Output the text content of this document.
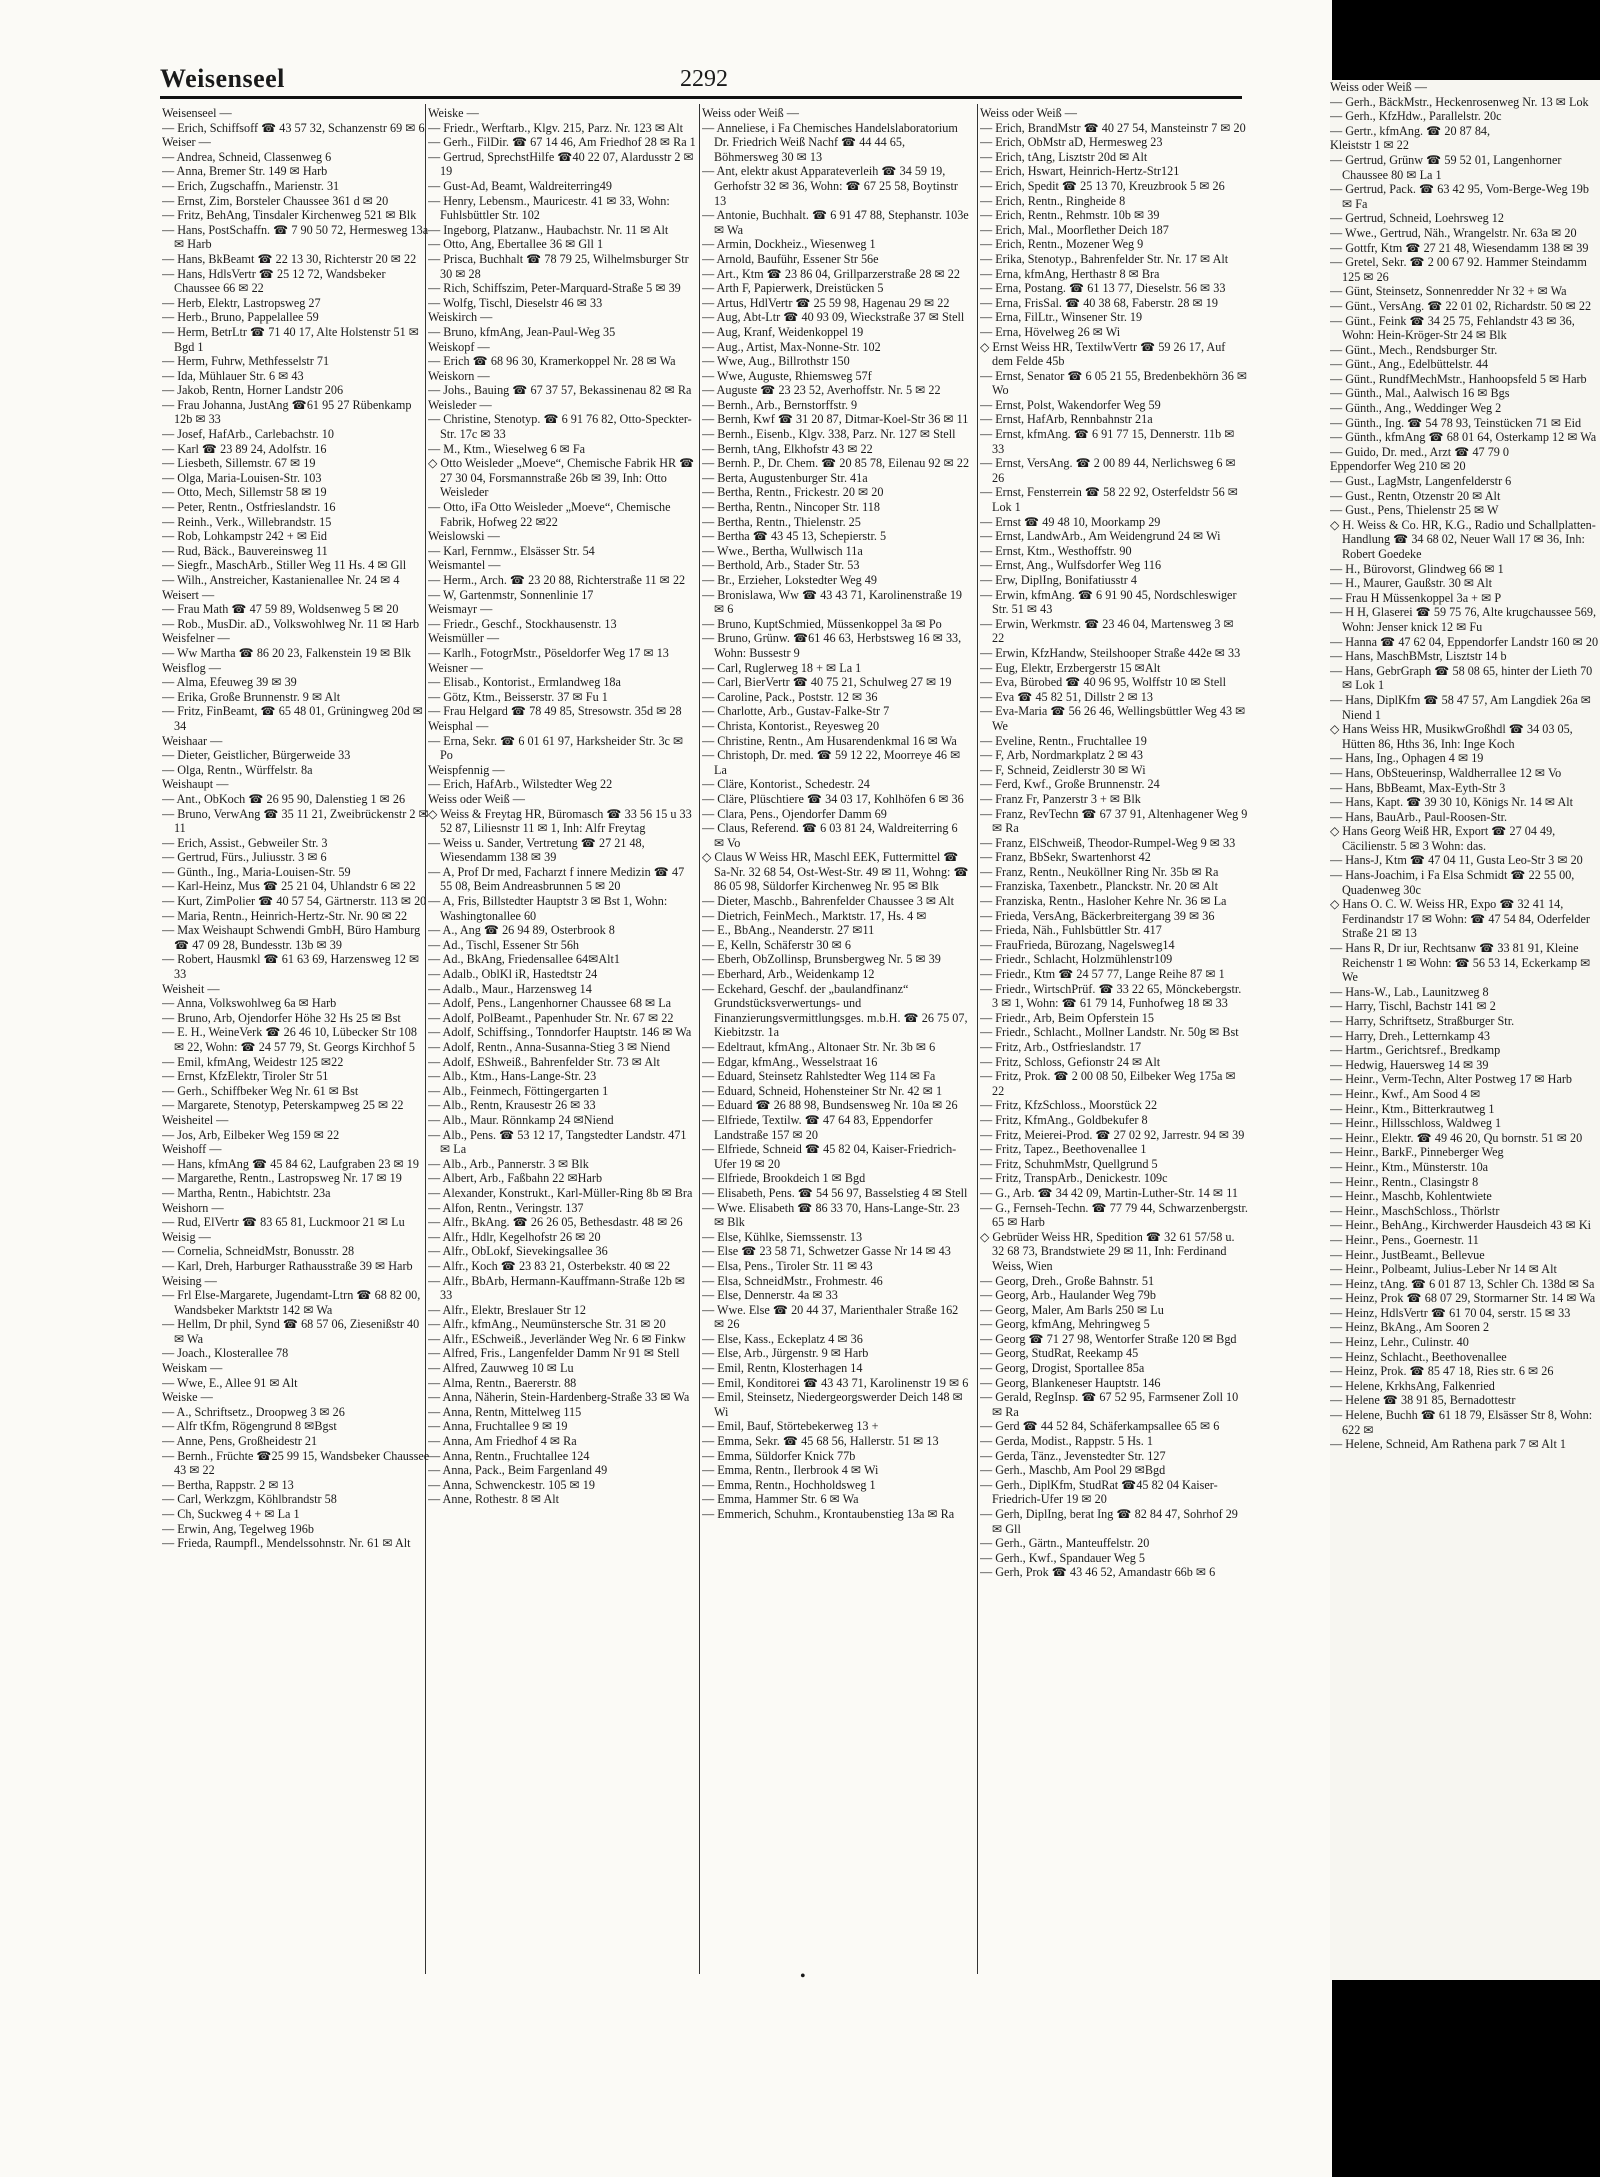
Weisenseel	2292

Weisenseel —

— Erich, Schiffsoff ☎ 43 57 32, Schanzenstr 69 ✉ 6

Weiser —

— Andrea, Schneid, Classenweg 6

— Anna, Bremer Str. 149 ✉ Harb

— Erich, Zugschaffn., Marienstr. 31

— Ernst, Zim, Borsteler Chaussee 361 d ✉ 20

— Fritz, BehAng, Tinsdaler Kirchenweg 521 ✉ Blk

— Hans, PostSchaffn. ☎ 7 90 50 72, Hermesweg 13a ✉ Harb

— Hans, BkBeamt ☎ 22 13 30, Richterstr 20 ✉ 22

— Hans, HdlsVertr ☎ 25 12 72, Wandsbeker Chaussee 66 ✉ 22

— Herb, Elektr, Lastropsweg 27

— Herb., Bruno, Pappelallee 59

— Herm, BetrLtr ☎ 71 40 17, Alte Holstenstr 51 ✉ Bgd 1

— Herm, Fuhrw, Methfesselstr 71

— Ida, Mühlauer Str. 6 ✉ 43

— Jakob, Rentn, Horner Landstr 206

— Frau Johanna, JustAng ☎61 95 27 Rübenkamp 12b ✉ 33

— Josef, HafArb., Carlebachstr. 10

— Karl ☎ 23 89 24, Adolfstr. 16

— Liesbeth, Sillemstr. 67 ✉ 19

— Olga, Maria-Louisen-Str. 103

— Otto, Mech, Sillemstr 58 ✉ 19

— Peter, Rentn., Ostfrieslandstr. 16

— Reinh., Verk., Willebrandstr. 15

— Rob, Lohkampstr 242 + ✉ Eid

— Rud, Bäck., Bauvereinsweg 11

— Siegfr., MaschArb., Stiller Weg 11 Hs. 4 ✉ Gll

— Wilh., Anstreicher, Kastanienallee Nr. 24 ✉ 4

Weisert —

— Frau Math ☎ 47 59 89, Woldsenweg 5 ✉ 20

— Rob., MusDir. aD., Volkswohlweg Nr. 11 ✉ Harb

Weisfelner —

— Ww Martha ☎ 86 20 23, Falkenstein 19 ✉ Blk

Weisflog —

— Alma, Efeuweg 39 ✉ 39

— Erika, Große Brunnenstr. 9 ✉ Alt

— Fritz, FinBeamt, ☎ 65 48 01, Grüningweg 20d ✉ 34

Weishaar —

— Dieter, Geistlicher, Bürgerweide 33

— Olga, Rentn., Würffelstr. 8a

Weishaupt —

— Ant., ObKoch ☎ 26 95 90, Dalenstieg 1 ✉ 26

— Bruno, VerwAng ☎ 35 11 21, Zweibrückenstr 2 ✉ 11

— Erich, Assist., Gebweiler Str. 3

— Gertrud, Fürs., Juliusstr. 3 ✉ 6

— Günth., Ing., Maria-Louisen-Str. 59

— Karl-Heinz, Mus ☎ 25 21 04, Uhlandstr 6 ✉ 22

— Kurt, ZimPolier ☎ 40 57 54, Gärtnerstr. 113 ✉ 20

— Maria, Rentn., Heinrich-Hertz-Str. Nr. 90 ✉ 22

— Max Weishaupt Schwendi GmbH, Büro Hamburg ☎ 47 09 28, Bundesstr. 13b ✉ 39

— Robert, Hausmkl ☎ 61 63 69, Harzensweg 12 ✉ 33

Weisheit —

— Anna, Volkswohlweg 6a ✉ Harb

— Bruno, Arb, Ojendorfer Höhe 32 Hs 25 ✉ Bst

— E. H., WeineVerk ☎ 26 46 10, Lübecker Str 108 ✉ 22, Wohn: ☎ 24 57 79, St. Georgs Kirchhof 5

— Emil, kfmAng, Weidestr 125 ✉22

— Ernst, KfzElektr, Tiroler Str 51

— Gerh., Schiffbeker Weg Nr. 61 ✉ Bst

— Margarete, Stenotyp, Peterskampweg 25 ✉ 22

Weisheitel —

— Jos, Arb, Eilbeker Weg 159 ✉ 22

Weishoff —

— Hans, kfmAng ☎ 45 84 62, Laufgraben 23 ✉ 19

— Margarethe, Rentn., Lastropsweg Nr. 17 ✉ 19

— Martha, Rentn., Habichtstr. 23a

Weishorn —

— Rud, ElVertr ☎ 83 65 81, Luckmoor 21 ✉ Lu

Weisig —

— Cornelia, SchneidMstr, Bonusstr. 28

— Karl, Dreh, Harburger Rathausstraße 39 ✉ Harb

Weising —

— Frl Else-Margarete, Jugendamt-Ltrn ☎ 68 82 00, Wandsbeker Marktstr 142 ✉ Wa

— Hellm, Dr phil, Synd ☎ 68 57 06, Ziesenißstr 40 ✉ Wa

— Joach., Klosterallee 78

Weiskam —

— Wwe, E., Allee 91 ✉ Alt

Weiske —

— A., Schriftsetz., Droopweg 3 ✉ 26

— Alfr tKfm, Rögengrund 8 ✉Bgst

— Anne, Pens, Großheidestr 21

— Bernh., Früchte ☎25 99 15, Wandsbeker Chaussee 43 ✉ 22

— Bertha, Rappstr. 2 ✉ 13

— Carl, Werkzgm, Köhlbrandstr 58

— Ch, Suckweg 4 + ✉ La 1

— Erwin, Ang, Tegelweg 196b

— Frieda, Raumpfl., Mendelssohnstr. Nr. 61 ✉ Alt

Weiske —

— Friedr., Werftarb., Klgv. 215, Parz. Nr. 123 ✉ Alt

— Gerh., FilDir. ☎ 67 14 46, Am Friedhof 28 ✉ Ra 1

— Gertrud, SprechstHilfe ☎40 22 07, Alardusstr 2 ✉ 19

— Gust-Ad, Beamt, Waldreiterring49

— Henry, Lebensm., Mauricestr. 41 ✉ 33, Wohn: Fuhlsbüttler Str. 102

— Ingeborg, Platzanw., Haubachstr. Nr. 11 ✉ Alt

— Otto, Ang, Ebertallee 36 ✉ Gll 1

— Prisca, Buchhalt ☎ 78 79 25, Wilhelmsburger Str 30 ✉ 28

— Rich, Schiffszim, Peter-Marquard-Straße 5 ✉ 39

— Wolfg, Tischl, Dieselstr 46 ✉ 33

Weiskirch —

— Bruno, kfmAng, Jean-Paul-Weg 35

Weiskopf —

— Erich ☎ 68 96 30, Kramerkoppel Nr. 28 ✉ Wa

Weiskorn —

— Johs., Bauing ☎ 67 37 57, Bekassinenau 82 ✉ Ra

Weisleder —

— Christine, Stenotyp. ☎ 6 91 76 82, Otto-Speckter-Str. 17c ✉ 33

— M., Ktm., Wieselweg 6 ✉ Fa

◇ Otto Weisleder „Moeve“, Chemische Fabrik HR ☎ 27 30 04, Forsmannstraße 26b ✉ 39, Inh: Otto Weisleder

— Otto, iFa Otto Weisleder „Moeve“, Chemische Fabrik, Hofweg 22 ✉22

Weislowski —

— Karl, Fernmw., Elsässer Str. 54

Weismantel —

— Herm., Arch. ☎ 23 20 88, Richterstraße 11 ✉ 22

— W, Gartenmstr, Sonnenlinie 17

Weismayr —

— Friedr., Geschf., Stockhausenstr. 13

Weismüller —

— Karlh., FotogrMstr., Pöseldorfer Weg 17 ✉ 13

Weisner —

— Elisab., Kontorist., Ermlandweg 18a

— Götz, Ktm., Beisserstr. 37 ✉ Fu 1

— Frau Helgard ☎ 78 49 85, Stresowstr. 35d ✉ 28

Weisphal —

— Erna, Sekr. ☎ 6 01 61 97, Harksheider Str. 3c ✉ Po

Weispfennig —

— Erich, HafArb., Wilstedter Weg 22

Weiss oder Weiß —

◇ Weiss & Freytag HR, Büromasch ☎ 33 56 15 u 33 52 87, Liliesnstr 11 ✉ 1, Inh: Alfr Freytag

— Weiss u. Sander, Vertretung ☎ 27 21 48, Wiesendamm 138 ✉ 39

— A, Prof Dr med, Facharzt f innere Medizin ☎ 47 55 08, Beim Andreasbrunnen 5 ✉ 20

— A, Fris, Billstedter Hauptstr 3 ✉ Bst 1, Wohn: Washingtonallee 60

— A., Ang ☎ 26 94 89, Osterbrook 8

— Ad., Tischl, Essener Str 56h

— Ad., BkAng, Friedensallee 64✉Alt1

— Adalb., OblKl iR, Hastedtstr 24

— Adalb., Maur., Harzensweg 14

— Adolf, Pens., Langenhorner Chaussee 68 ✉ La

— Adolf, PolBeamt., Papenhuder Str. Nr. 67 ✉ 22

— Adolf, Schiffsing., Tonndorfer Hauptstr. 146 ✉ Wa

— Adolf, Rentn., Anna-Susanna-Stieg 3 ✉ Niend

— Adolf, EShweiß., Bahrenfelder Str. 73 ✉ Alt

— Alb., Ktm., Hans-Lange-Str. 23

— Alb., Feinmech, Föttingergarten 1

— Alb., Rentn, Krausestr 26 ✉ 33

— Alb., Maur. Rönnkamp 24 ✉Niend

— Alb., Pens. ☎ 53 12 17, Tangstedter Landstr. 471 ✉ La

— Alb., Arb., Pannerstr. 3 ✉ Blk

— Albert, Arb., Faßbahn 22 ✉Harb

— Alexander, Konstrukt., Karl-Müller-Ring 8b ✉ Bra

— Alfon, Rentn., Veringstr. 137

— Alfr., BkAng. ☎ 26 26 05, Bethesdastr. 48 ✉ 26

— Alfr., Hdlr, Kegelhofstr 26 ✉ 20

— Alfr., ObLokf, Sievekingsallee 36

— Alfr., Koch ☎ 23 83 21, Osterbekstr. 40 ✉ 22

— Alfr., BbArb, Hermann-Kauffmann-Straße 12b ✉ 33

— Alfr., Elektr, Breslauer Str 12

— Alfr., kfmAng., Neumünstersche Str. 31 ✉ 20

— Alfr., ESchweiß., Jeverländer Weg Nr. 6 ✉ Finkw

— Alfred, Fris., Langenfelder Damm Nr 91 ✉ Stell

— Alfred, Zauwweg 10 ✉ Lu

— Alma, Rentn., Baererstr. 88

— Anna, Näherin, Stein-Hardenberg-Straße 33 ✉ Wa

— Anna, Rentn, Mittelweg 115

— Anna, Fruchtallee 9 ✉ 19

— Anna, Am Friedhof 4 ✉ Ra

— Anna, Rentn., Fruchtallee 124

— Anna, Pack., Beim Fargenland 49

— Anna, Schwenckestr. 105 ✉ 19

— Anne, Rothestr. 8 ✉ Alt

Weiss oder Weiß —

— Anneliese, i Fa Chemisches Handelslaboratorium Dr. Friedrich Weiß Nachf ☎ 44 44 65, Böhmersweg 30 ✉ 13

— Ant, elektr akust Apparateverleih ☎ 34 59 19, Gerhofstr 32 ✉ 36, Wohn: ☎ 67 25 58, Boytinstr 13

— Antonie, Buchhalt. ☎ 6 91 47 88, Stephanstr. 103e ✉ Wa

— Armin, Dockheiz., Wiesenweg 1

— Arnold, Bauführ, Essener Str 56e

— Art., Ktm ☎ 23 86 04, Grillparzerstraße 28 ✉ 22

— Arth F, Papierwerk, Dreistücken 5

— Artus, HdlVertr ☎ 25 59 98, Hagenau 29 ✉ 22

— Aug, Abt-Ltr ☎ 40 93 09, Wieckstraße 37 ✉ Stell

— Aug, Kranf, Weidenkoppel 19

— Aug., Artist, Max-Nonne-Str. 102

— Wwe, Aug., Billrothstr 150

— Wwe, Auguste, Rhiemsweg 57f

— Auguste ☎ 23 23 52, Averhoffstr. Nr. 5 ✉ 22

— Bernh., Arb., Bernstorffstr. 9

— Bernh, Kwf ☎ 31 20 87, Ditmar-Koel-Str 36 ✉ 11

— Bernh., Eisenb., Klgv. 338, Parz. Nr. 127 ✉ Stell

— Bernh, tAng, Elkhofstr 43 ✉ 22

— Bernh. P., Dr. Chem. ☎ 20 85 78, Eilenau 92 ✉ 22

— Berta, Augustenburger Str. 41a

— Bertha, Rentn., Frickestr. 20 ✉ 20

— Bertha, Rentn., Nincoper Str. 118

— Bertha, Rentn., Thielenstr. 25

— Bertha ☎ 43 45 13, Schepierstr. 5

— Wwe., Bertha, Wullwisch 11a

— Berthold, Arb., Stader Str. 53

— Br., Erzieher, Lokstedter Weg 49

— Bronislawa, Ww ☎ 43 43 71, Karolinenstraße 19 ✉ 6

— Bruno, KuptSchmied, Müssenkoppel 3a ✉ Po

— Bruno, Grünw. ☎61 46 63, Herbstsweg 16 ✉ 33, Wohn: Bussestr 9

— Carl, Ruglerweg 18 + ✉ La 1

— Carl, BierVertr ☎ 40 75 21, Schulweg 27 ✉ 19

— Caroline, Pack., Poststr. 12 ✉ 36

— Charlotte, Arb., Gustav-Falke-Str 7

— Christa, Kontorist., Reyesweg 20

— Christine, Rentn., Am Husarendenkmal 16 ✉ Wa

— Christoph, Dr. med. ☎ 59 12 22, Moorreye 46 ✉ La

— Cläre, Kontorist., Schedestr. 24

— Cläre, Plüschtiere ☎ 34 03 17, Kohlhöfen 6 ✉ 36

— Clara, Pens., Ojendorfer Damm 69

— Claus, Referend. ☎ 6 03 81 24, Waldreiterring 6 ✉ Vo

◇ Claus W Weiss HR, Maschl EEK, Futtermittel ☎ Sa-Nr. 32 68 54, Ost-West-Str. 49 ✉ 11, Wohng: ☎ 86 05 98, Süldorfer Kirchenweg Nr. 95 ✉ Blk

— Dieter, Maschb., Bahrenfelder Chaussee 3 ✉ Alt

— Dietrich, FeinMech., Marktstr. 17, Hs. 4 ✉

— E., BbAng., Neanderstr. 27 ✉11

— E, Kelln, Schäferstr 30 ✉ 6

— Eberh, ObZollinsp, Brunsbergweg Nr. 5 ✉ 39

— Eberhard, Arb., Weidenkamp 12

— Eckehard, Geschf. der „baulandfinanz“ Grundstücksverwertungs- und Finanzierungsvermittlungsges. m.b.H. ☎ 26 75 07, Kiebitzstr. 1a

— Edeltraut, kfmAng., Altonaer Str. Nr. 3b ✉ 6

— Edgar, kfmAng., Wesselstraat 16

— Eduard, Steinsetz Rahlstedter Weg 114 ✉ Fa

— Eduard, Schneid, Hohensteiner Str Nr. 42 ✉ 1

— Eduard ☎ 26 88 98, Bundsensweg Nr. 10a ✉ 26

— Elfriede, Textilw. ☎ 47 64 83, Eppendorfer Landstraße 157 ✉ 20

— Elfriede, Schneid ☎ 45 82 04, Kaiser-Friedrich-Ufer 19 ✉ 20

— Elfriede, Brookdeich 1 ✉ Bgd

— Elisabeth, Pens. ☎ 54 56 97, Basselstieg 4 ✉ Stell

— Wwe. Elisabeth ☎ 86 33 70, Hans-Lange-Str. 23 ✉ Blk

— Else, Kühlke, Siemssenstr. 13

— Else ☎ 23 58 71, Schwetzer Gasse Nr 14 ✉ 43

— Elsa, Pens., Tiroler Str. 11 ✉ 43

— Elsa, SchneidMstr., Frohmestr. 46

— Else, Dennerstr. 4a ✉ 33

— Wwe. Else ☎ 20 44 37, Marienthaler Straße 162 ✉ 26

— Else, Kass., Eckeplatz 4 ✉ 36

— Else, Arb., Jürgenstr. 9 ✉ Harb

— Emil, Rentn, Klosterhagen 14

— Emil, Konditorei ☎ 43 43 71, Karolinenstr 19 ✉ 6

— Emil, Steinsetz, Niedergeorgswerder Deich 148 ✉ Wi

— Emil, Bauf, Störtebekerweg 13 +

— Emma, Sekr. ☎ 45 68 56, Hallerstr. 51 ✉ 13

— Emma, Süldorfer Knick 77b

— Emma, Rentn., Ilerbrook 4 ✉ Wi

— Emma, Rentn., Hochholdsweg 1

— Emma, Hammer Str. 6 ✉ Wa

— Emmerich, Schuhm., Krontaubenstieg 13a ✉ Ra

Weiss oder Weiß —

— Erich, BrandMstr ☎ 40 27 54, Mansteinstr 7 ✉ 20

— Erich, ObMstr aD, Hermesweg 23

— Erich, tAng, Lisztstr 20d ✉ Alt

— Erich, Hswart, Heinrich-Hertz-Str121

— Erich, Spedit ☎ 25 13 70, Kreuzbrook 5 ✉ 26

— Erich, Rentn., Ringheide 8

— Erich, Rentn., Rehmstr. 10b ✉ 39

— Erich, Mal., Moorflether Deich 187

— Erich, Rentn., Mozener Weg 9

— Erika, Stenotyp., Bahrenfelder Str. Nr. 17 ✉ Alt

— Erna, kfmAng, Herthastr 8 ✉ Bra

— Erna, Postang. ☎ 61 13 77, Dieselstr. 56 ✉ 33

— Erna, FrisSal. ☎ 40 38 68, Faberstr. 28 ✉ 19

— Erna, FilLtr., Winsener Str. 19

— Erna, Hövelweg 26 ✉ Wi

◇ Ernst Weiss HR, TextilwVertr ☎ 59 26 17, Auf dem Felde 45b

— Ernst, Senator ☎ 6 05 21 55, Bredenbekhörn 36 ✉ Wo

— Ernst, Polst, Wakendorfer Weg 59

— Ernst, HafArb, Rennbahnstr 21a

— Ernst, kfmAng. ☎ 6 91 77 15, Dennerstr. 11b ✉ 33

— Ernst, VersAng. ☎ 2 00 89 44, Nerlichsweg 6 ✉ 26

— Ernst, Fensterrein ☎ 58 22 92, Osterfeldstr 56 ✉ Lok 1

— Ernst ☎ 49 48 10, Moorkamp 29

— Ernst, LandwArb., Am Weidengrund 24 ✉ Wi

— Ernst, Ktm., Westhoffstr. 90

— Ernst, Ang., Wulfsdorfer Weg 116

— Erw, DiplIng, Bonifatiusstr 4

— Erwin, kfmAng. ☎ 6 91 90 45, Nordschleswiger Str. 51 ✉ 43

— Erwin, Werkmstr. ☎ 23 46 04, Martensweg 3 ✉ 22

— Erwin, KfzHandw, Steilshooper Straße 442e ✉ 33

— Eug, Elektr, Erzbergerstr 15 ✉Alt

— Eva, Bürobed ☎ 40 96 95, Wolffstr 10 ✉ Stell

— Eva ☎ 45 82 51, Dillstr 2 ✉ 13

— Eva-Maria ☎ 56 26 46, Wellingsbüttler Weg 43 ✉ We

— Eveline, Rentn., Fruchtallee 19

— F, Arb, Nordmarkplatz 2 ✉ 43

— F, Schneid, Zeidlerstr 30 ✉ Wi

— Ferd, Kwf., Große Brunnenstr. 24

— Franz Fr, Panzerstr 3 + ✉ Blk

— Franz, RevTechn ☎ 67 37 91, Altenhagener Weg 9 ✉ Ra

— Franz, ElSchweiß, Theodor-Rumpel-Weg 9 ✉ 33

— Franz, BbSekr, Swartenhorst 42

— Franz, Rentn., Neuköllner Ring Nr. 35b ✉ Ra

— Franziska, Taxenbetr., Planckstr. Nr. 20 ✉ Alt

— Franziska, Rentn., Hasloher Kehre Nr. 36 ✉ La

— Frieda, VersAng, Bäckerbreitergang 39 ✉ 36

— Frieda, Näh., Fuhlsbüttler Str. 417

— FrauFrieda, Bürozang, Nagelsweg14

— Friedr., Schlacht, Holzmühlenstr109

— Friedr., Ktm ☎ 24 57 77, Lange Reihe 87 ✉ 1

— Friedr., WirtschPrüf. ☎ 33 22 65, Mönckebergstr. 3 ✉ 1, Wohn: ☎ 61 79 14, Funhofweg 18 ✉ 33

— Friedr., Arb, Beim Opferstein 15

— Friedr., Schlacht., Mollner Landstr. Nr. 50g ✉ Bst

— Fritz, Arb., Ostfrieslandstr. 17

— Fritz, Schloss, Gefionstr 24 ✉ Alt

— Fritz, Prok. ☎ 2 00 08 50, Eilbeker Weg 175a ✉ 22

— Fritz, KfzSchloss., Moorstück 22

— Fritz, KfmAng., Goldbekufer 8

— Fritz, Meierei-Prod. ☎ 27 02 92, Jarrestr. 94 ✉ 39

— Fritz, Tapez., Beethovenallee 1

— Fritz, SchuhmMstr, Quellgrund 5

— Fritz, TranspArb., Denickestr. 109c

— G., Arb. ☎ 34 42 09, Martin-Luther-Str. 14 ✉ 11

— G., Fernseh-Techn. ☎ 77 79 44, Schwarzenbergstr. 65 ✉ Harb

◇ Gebrüder Weiss HR, Spedition ☎ 32 61 57/58 u. 32 68 73, Brandstwiete 29 ✉ 11, Inh: Ferdinand Weiss, Wien

— Georg, Dreh., Große Bahnstr. 51

— Georg, Arb., Haulander Weg 79b

— Georg, Maler, Am Barls 250 ✉ Lu

— Georg, kfmAng, Mehringweg 5

— Georg ☎ 71 27 98, Wentorfer Straße 120 ✉ Bgd

— Georg, StudRat, Reekamp 45

— Georg, Drogist, Sportallee 85a

— Georg, Blankeneser Hauptstr. 146

— Gerald, RegInsp. ☎ 67 52 95, Farmsener Zoll 10 ✉ Ra

— Gerd ☎ 44 52 84, Schäferkampsallee 65 ✉ 6

— Gerda, Modist., Rappstr. 5 Hs. 1

— Gerda, Tänz., Jevenstedter Str. 127

— Gerh., Maschb, Am Pool 29 ✉Bgd

— Gerh., DiplKfm, StudRat ☎45 82 04 Kaiser-Friedrich-Ufer 19 ✉ 20

— Gerh, DiplIng, berat Ing ☎ 82 84 47, Sohrhof 29 ✉ Gll

— Gerh., Gärtn., Manteuffelstr. 20

— Gerh., Kwf., Spandauer Weg 5

— Gerh, Prok ☎ 43 46 52, Amandastr 66b ✉ 6

•

Weiss oder Weiß —

— Gerh., BäckMstr., Heckenrosenweg Nr. 13 ✉ Lok

— Gerh., KfzHdw., Parallelstr. 20c

— Gertr., kfmAng. ☎ 20 87 84,

Kleiststr 1 ✉ 22

— Gertrud, Grünw ☎ 59 52 01, Langenhorner Chaussee 80 ✉ La 1

— Gertrud, Pack. ☎ 63 42 95, Vom-Berge-Weg 19b ✉ Fa

— Gertrud, Schneid, Loehrsweg 12

— Wwe., Gertrud, Näh., Wrangelstr. Nr. 63a ✉ 20

— Gottfr, Ktm ☎ 27 21 48, Wiesendamm 138 ✉ 39

— Gretel, Sekr. ☎ 2 00 67 92. Hammer Steindamm 125 ✉ 26

— Günt, Steinsetz, Sonnenredder Nr 32 + ✉ Wa

— Günt., VersAng. ☎ 22 01 02, Richardstr. 50 ✉ 22

— Günt., Feink ☎ 34 25 75, Fehlandstr 43 ✉ 36, Wohn: Hein-Kröger-Str 24 ✉ Blk

— Günt., Mech., Rendsburger Str.

— Günt., Ang., Edelbüttelstr. 44

— Günt., RundfMechMstr., Hanhoopsfeld 5 ✉ Harb

— Günth., Mal., Aalwisch 16 ✉ Bgs

— Günth., Ang., Weddinger Weg 2

— Günth., Ing. ☎ 54 78 93, Teinstücken 71 ✉ Eid

— Günth., kfmAng ☎ 68 01 64, Osterkamp 12 ✉ Wa

— Guido, Dr. med., Arzt ☎ 47 79 0

Eppendorfer Weg 210 ✉ 20

— Gust., LagMstr, Langenfelderstr 6

— Gust., Rentn, Otzenstr 20 ✉ Alt

— Gust., Pens, Thielenstr 25 ✉ W

◇ H. Weiss & Co. HR, K.G., Radio und Schallplatten-Handlung ☎ 34 68 02, Neuer Wall 17 ✉ 36, Inh: Robert Goedeke

— H., Bürovorst, Glindweg 66 ✉ 1

— H., Maurer, Gaußstr. 30 ✉ Alt

— Frau H Müssenkoppel 3a + ✉ P

— H H, Glaserei ☎ 59 75 76, Alte krugchaussee 569, Wohn: Jenser knick 12 ✉ Fu

— Hanna ☎ 47 62 04, Eppendorfer Landstr 160 ✉ 20

— Hans, MaschBMstr, Lisztstr 14 b

— Hans, GebrGraph ☎ 58 08 65, hinter der Lieth 70 ✉ Lok 1

— Hans, DiplKfm ☎ 58 47 57, Am Langdiek 26a ✉ Niend 1

◇ Hans Weiss HR, MusikwGroßhdl ☎ 34 03 05, Hütten 86, Hths 36, Inh: Inge Koch

— Hans, Ing., Ophagen 4 ✉ 19

— Hans, ObSteuerinsp, Waldherrallee 12 ✉ Vo

— Hans, BbBeamt, Max-Eyth-Str 3

— Hans, Kapt. ☎ 39 30 10, Königs Nr. 14 ✉ Alt

— Hans, BauArb., Paul-Roosen-Str.

◇ Hans Georg Weiß HR, Export ☎ 27 04 49, Cäcilienstr. 5 ✉ 3 Wohn: das.

— Hans-J, Ktm ☎ 47 04 11, Gusta Leo-Str 3 ✉ 20

— Hans-Joachim, i Fa Elsa Schmidt ☎ 22 55 00, Quadenweg 30c

◇ Hans O. C. W. Weiss HR, Expo ☎ 32 41 14, Ferdinandstr 17 ✉ Wohn: ☎ 47 54 84, Oderfelder Straße 21 ✉ 13

— Hans R, Dr iur, Rechtsanw ☎ 33 81 91, Kleine Reichenstr 1 ✉ Wohn: ☎ 56 53 14, Eckerkamp ✉ We

— Hans-W., Lab., Launitzweg 8

— Harry, Tischl, Bachstr 141 ✉ 2

— Harry, Schriftsetz, Straßburger Str.

— Harry, Dreh., Letternkamp 43

— Hartm., Gerichtsref., Bredkamp

— Hedwig, Hauersweg 14 ✉ 39

— Heinr., Verm-Techn, Alter Postweg 17 ✉ Harb

— Heinr., Kwf., Am Sood 4 ✉

— Heinr., Ktm., Bitterkrautweg 1

— Heinr., Hillsschloss, Waldweg 1

— Heinr., Elektr. ☎ 49 46 20, Qu bornstr. 51 ✉ 20

— Heinr., BarkF., Pinneberger Weg

— Heinr., Ktm., Münsterstr. 10a

— Heinr., Rentn., Clasingstr 8

— Heinr., Maschb, Kohlentwiete

— Heinr., MaschSchloss., Thörlstr

— Heinr., BehAng., Kirchwerder Hausdeich 43 ✉ Ki

— Heinr., Pens., Goernestr. 11

— Heinr., JustBeamt., Bellevue

— Heinr., Polbeamt, Julius-Leber Nr 14 ✉ Alt

— Heinz, tAng. ☎ 6 01 87 13, Schler Ch. 138d ✉ Sa

— Heinz, Prok ☎ 68 07 29, Stormarner Str. 14 ✉ Wa

— Heinz, HdlsVertr ☎ 61 70 04, serstr. 15 ✉ 33

— Heinz, BkAng., Am Sooren 2

— Heinz, Lehr., Culinstr. 40

— Heinz, Schlacht., Beethovenallee

— Heinz, Prok. ☎ 85 47 18, Ries str. 6 ✉ 26

— Helene, KrkhsAng, Falkenried

— Helene ☎ 38 91 85, Bernadottestr

— Helene, Buchh ☎ 61 18 79, Elsässer Str 8, Wohn: 622 ✉

— Helene, Schneid, Am Rathena park 7 ✉ Alt 1
